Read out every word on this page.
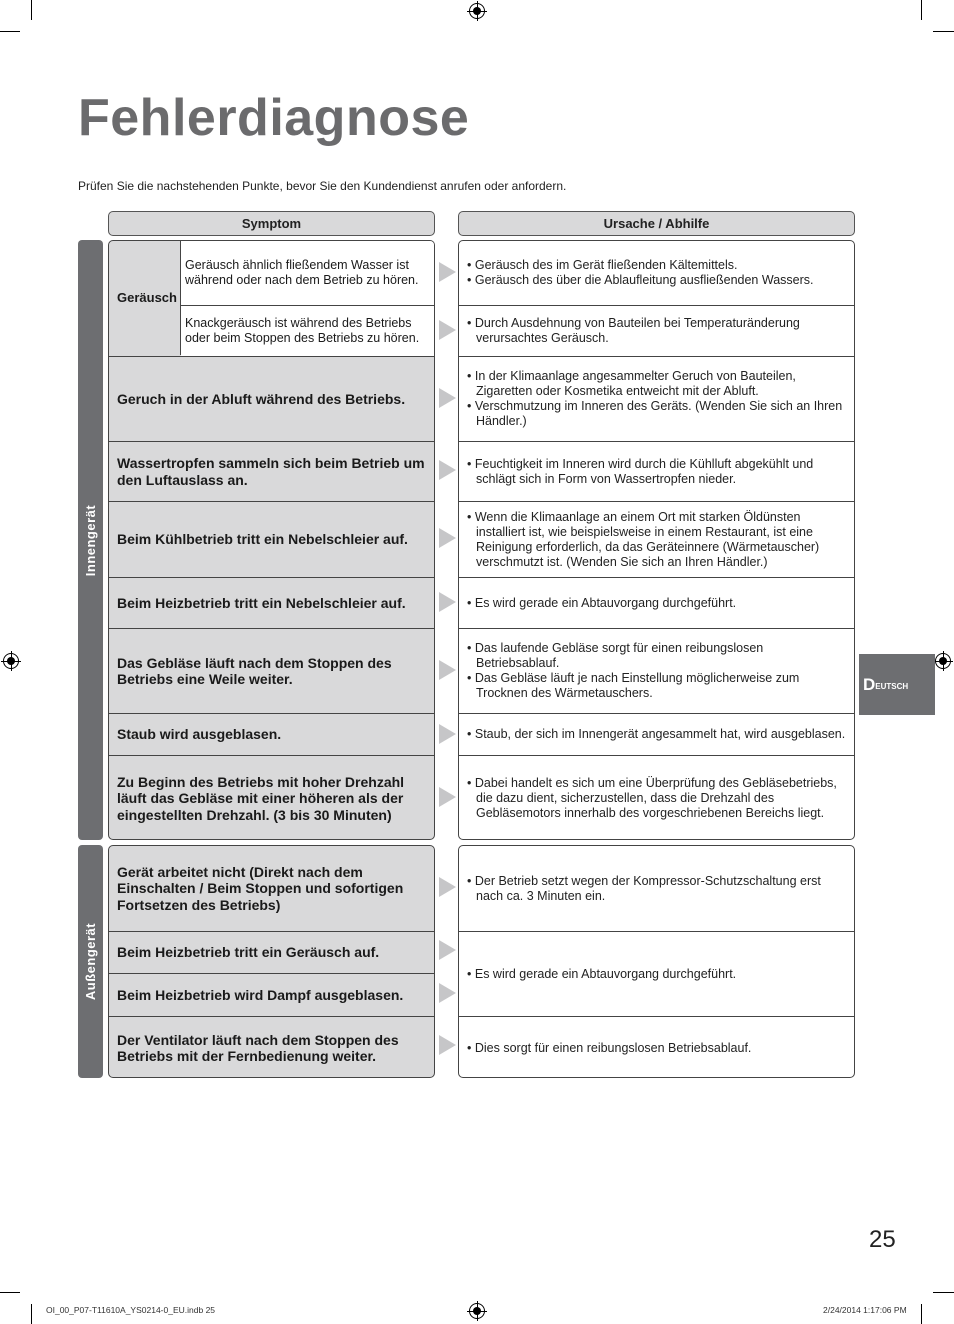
Fehlerdiagnose

Prüfen Sie die nachstehenden Punkte, bevor Sie den Kundendienst anrufen oder anfordern.

Symptom	Ursache / Abhilfe
Innengerät
Außengerät
Geräusch
Geräusch ähnlich fließendem Wasser ist während oder nach dem Betrieb zu hören.
Knackgeräusch ist während des Betriebs oder beim Stoppen des Betriebs zu hören.
Geruch in der Abluft während des Betriebs.
Wassertropfen sammeln sich beim Betrieb um den Luftauslass an.
Beim Kühlbetrieb tritt ein Nebelschleier auf.
Beim Heizbetrieb tritt ein Nebelschleier auf.
Das Gebläse läuft nach dem Stoppen des Betriebs eine Weile weiter.
Staub wird ausgeblasen.
Zu Beginn des Betriebs mit hoher Drehzahl läuft das Gebläse mit einer höheren als der eingestellten Drehzahl. (3 bis 30 Minuten)
• Geräusch des im Gerät fließenden Kältemittels.
• Geräusch des über die Ablaufleitung ausfließenden Wassers.
• Durch Ausdehnung von Bauteilen bei Temperaturänderung verursachtes Geräusch.
• In der Klimaanlage angesammelter Geruch von Bauteilen, Zigaretten oder Kosmetika entweicht mit der Abluft.
• Verschmutzung im Inneren des Geräts. (Wenden Sie sich an Ihren Händler.)
• Feuchtigkeit im Inneren wird durch die Kühlluft abgekühlt und schlägt sich in Form von Wassertropfen nieder.
• Wenn die Klimaanlage an einem Ort mit starken Öldünsten installiert ist, wie beispielsweise in einem Restaurant, ist eine Reinigung erforderlich, da das Geräteinnere (Wärmetauscher) verschmutzt ist. (Wenden Sie sich an Ihren Händler.)
• Es wird gerade ein Abtauvorgang durchgeführt.
• Das laufende Gebläse sorgt für einen reibungslosen Betriebsablauf.
• Das Gebläse läuft je nach Einstellung möglicherweise zum Trocknen des Wärmetauschers.
• Staub, der sich im Innengerät angesammelt hat, wird ausgeblasen.
• Dabei handelt es sich um eine Überprüfung des Gebläsebetriebs, die dazu dient, sicherzustellen, dass die Drehzahl des Gebläsemotors innerhalb des vorgeschriebenen Bereichs liegt.
Gerät arbeitet nicht (Direkt nach dem Einschalten / Beim Stoppen und sofortigen Fortsetzen des Betriebs)
Beim Heizbetrieb tritt ein Geräusch auf.
Beim Heizbetrieb wird Dampf ausgeblasen.
Der Ventilator läuft nach dem Stoppen des Betriebs mit der Fernbedienung weiter.
• Der Betrieb setzt wegen der Kompressor-Schutzschaltung erst nach ca. 3 Minuten ein.
• Es wird gerade ein Abtauvorgang durchgeführt.
• Dies sorgt für einen reibungslosen Betriebsablauf.
D EUTSCH
25
OI_00_P07-T11610A_YS0214-0_EU.indb 25	2/24/2014 1:17:06 PM
